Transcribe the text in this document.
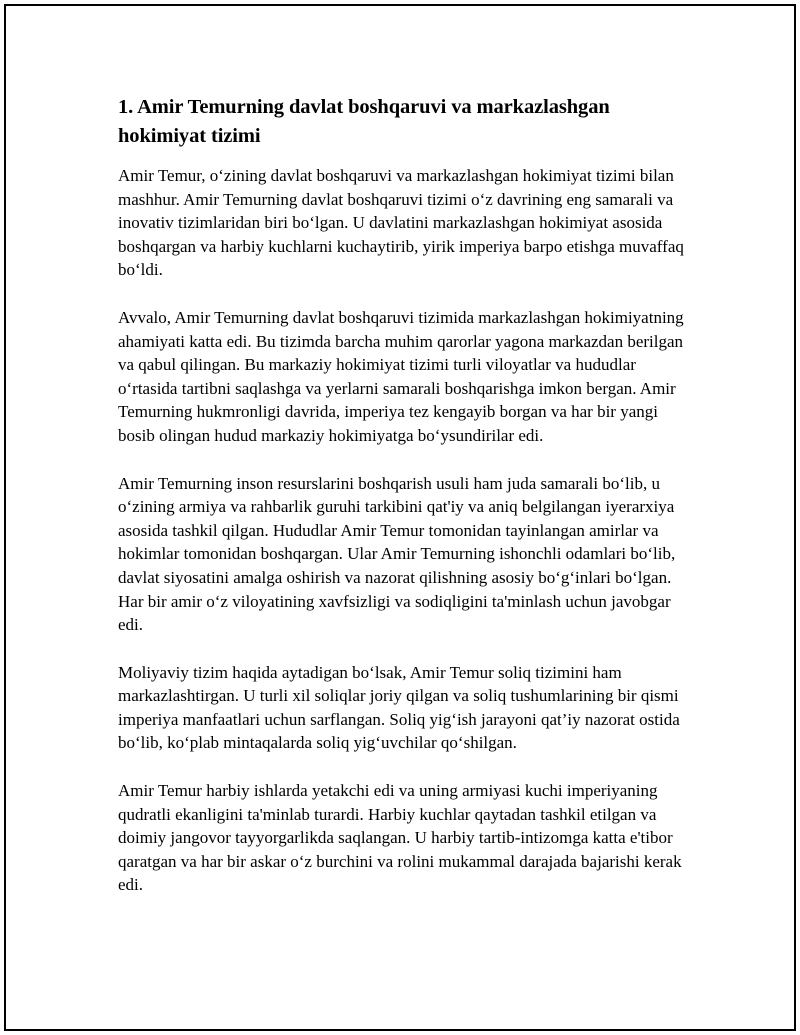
1. Amir Temurning davlat boshqaruvi va markazlashgan hokimiyat tizimi

Amir Temur, o‘zining davlat boshqaruvi va markazlashgan hokimiyat tizimi bilan mashhur. Amir Temurning davlat boshqaruvi tizimi o‘z davrining eng samarali va inovativ tizimlaridan biri bo‘lgan. U davlatini markazlashgan hokimiyat asosida boshqargan va harbiy kuchlarni kuchaytirib, yirik imperiya barpo etishga muvaffaq bo‘ldi.

Avvalo, Amir Temurning davlat boshqaruvi tizimida markazlashgan hokimiyatning ahamiyati katta edi. Bu tizimda barcha muhim qarorlar yagona markazdan berilgan va qabul qilingan. Bu markaziy hokimiyat tizimi turli viloyatlar va hududlar o‘rtasida tartibni saqlashga va yerlarni samarali boshqarishga imkon bergan. Amir Temurning hukmronligi davrida, imperiya tez kengayib borgan va har bir yangi bosib olingan hudud markaziy hokimiyatga bo‘ysundirilar edi.

Amir Temurning inson resurslarini boshqarish usuli ham juda samarali bo‘lib, u o‘zining armiya va rahbarlik guruhi tarkibini qat'iy va aniq belgilangan iyerarxiya asosida tashkil qilgan. Hududlar Amir Temur tomonidan tayinlangan amirlar va hokimlar tomonidan boshqargan. Ular Amir Temurning ishonchli odamlari bo‘lib, davlat siyosatini amalga oshirish va nazorat qilishning asosiy bo‘g‘inlari bo‘lgan. Har bir amir o‘z viloyatining xavfsizligi va sodiqligini ta'minlash uchun javobgar edi.

Moliyaviy tizim haqida aytadigan bo‘lsak, Amir Temur soliq tizimini ham markazlashtirgan. U turli xil soliqlar joriy qilgan va soliq tushumlarining bir qismi imperiya manfaatlari uchun sarflangan. Soliq yig‘ish jarayoni qat’iy nazorat ostida bo‘lib, ko‘plab mintaqalarda soliq yig‘uvchilar qo‘shilgan.

Amir Temur harbiy ishlarda yetakchi edi va uning armiyasi kuchi imperiyaning qudratli ekanligini ta'minlab turardi. Harbiy kuchlar qaytadan tashkil etilgan va doimiy jangovor tayyorgarlikda saqlangan. U harbiy tartib-intizomga katta e'tibor qaratgan va har bir askar o‘z burchini va rolini mukammal darajada bajarishi kerak edi.
